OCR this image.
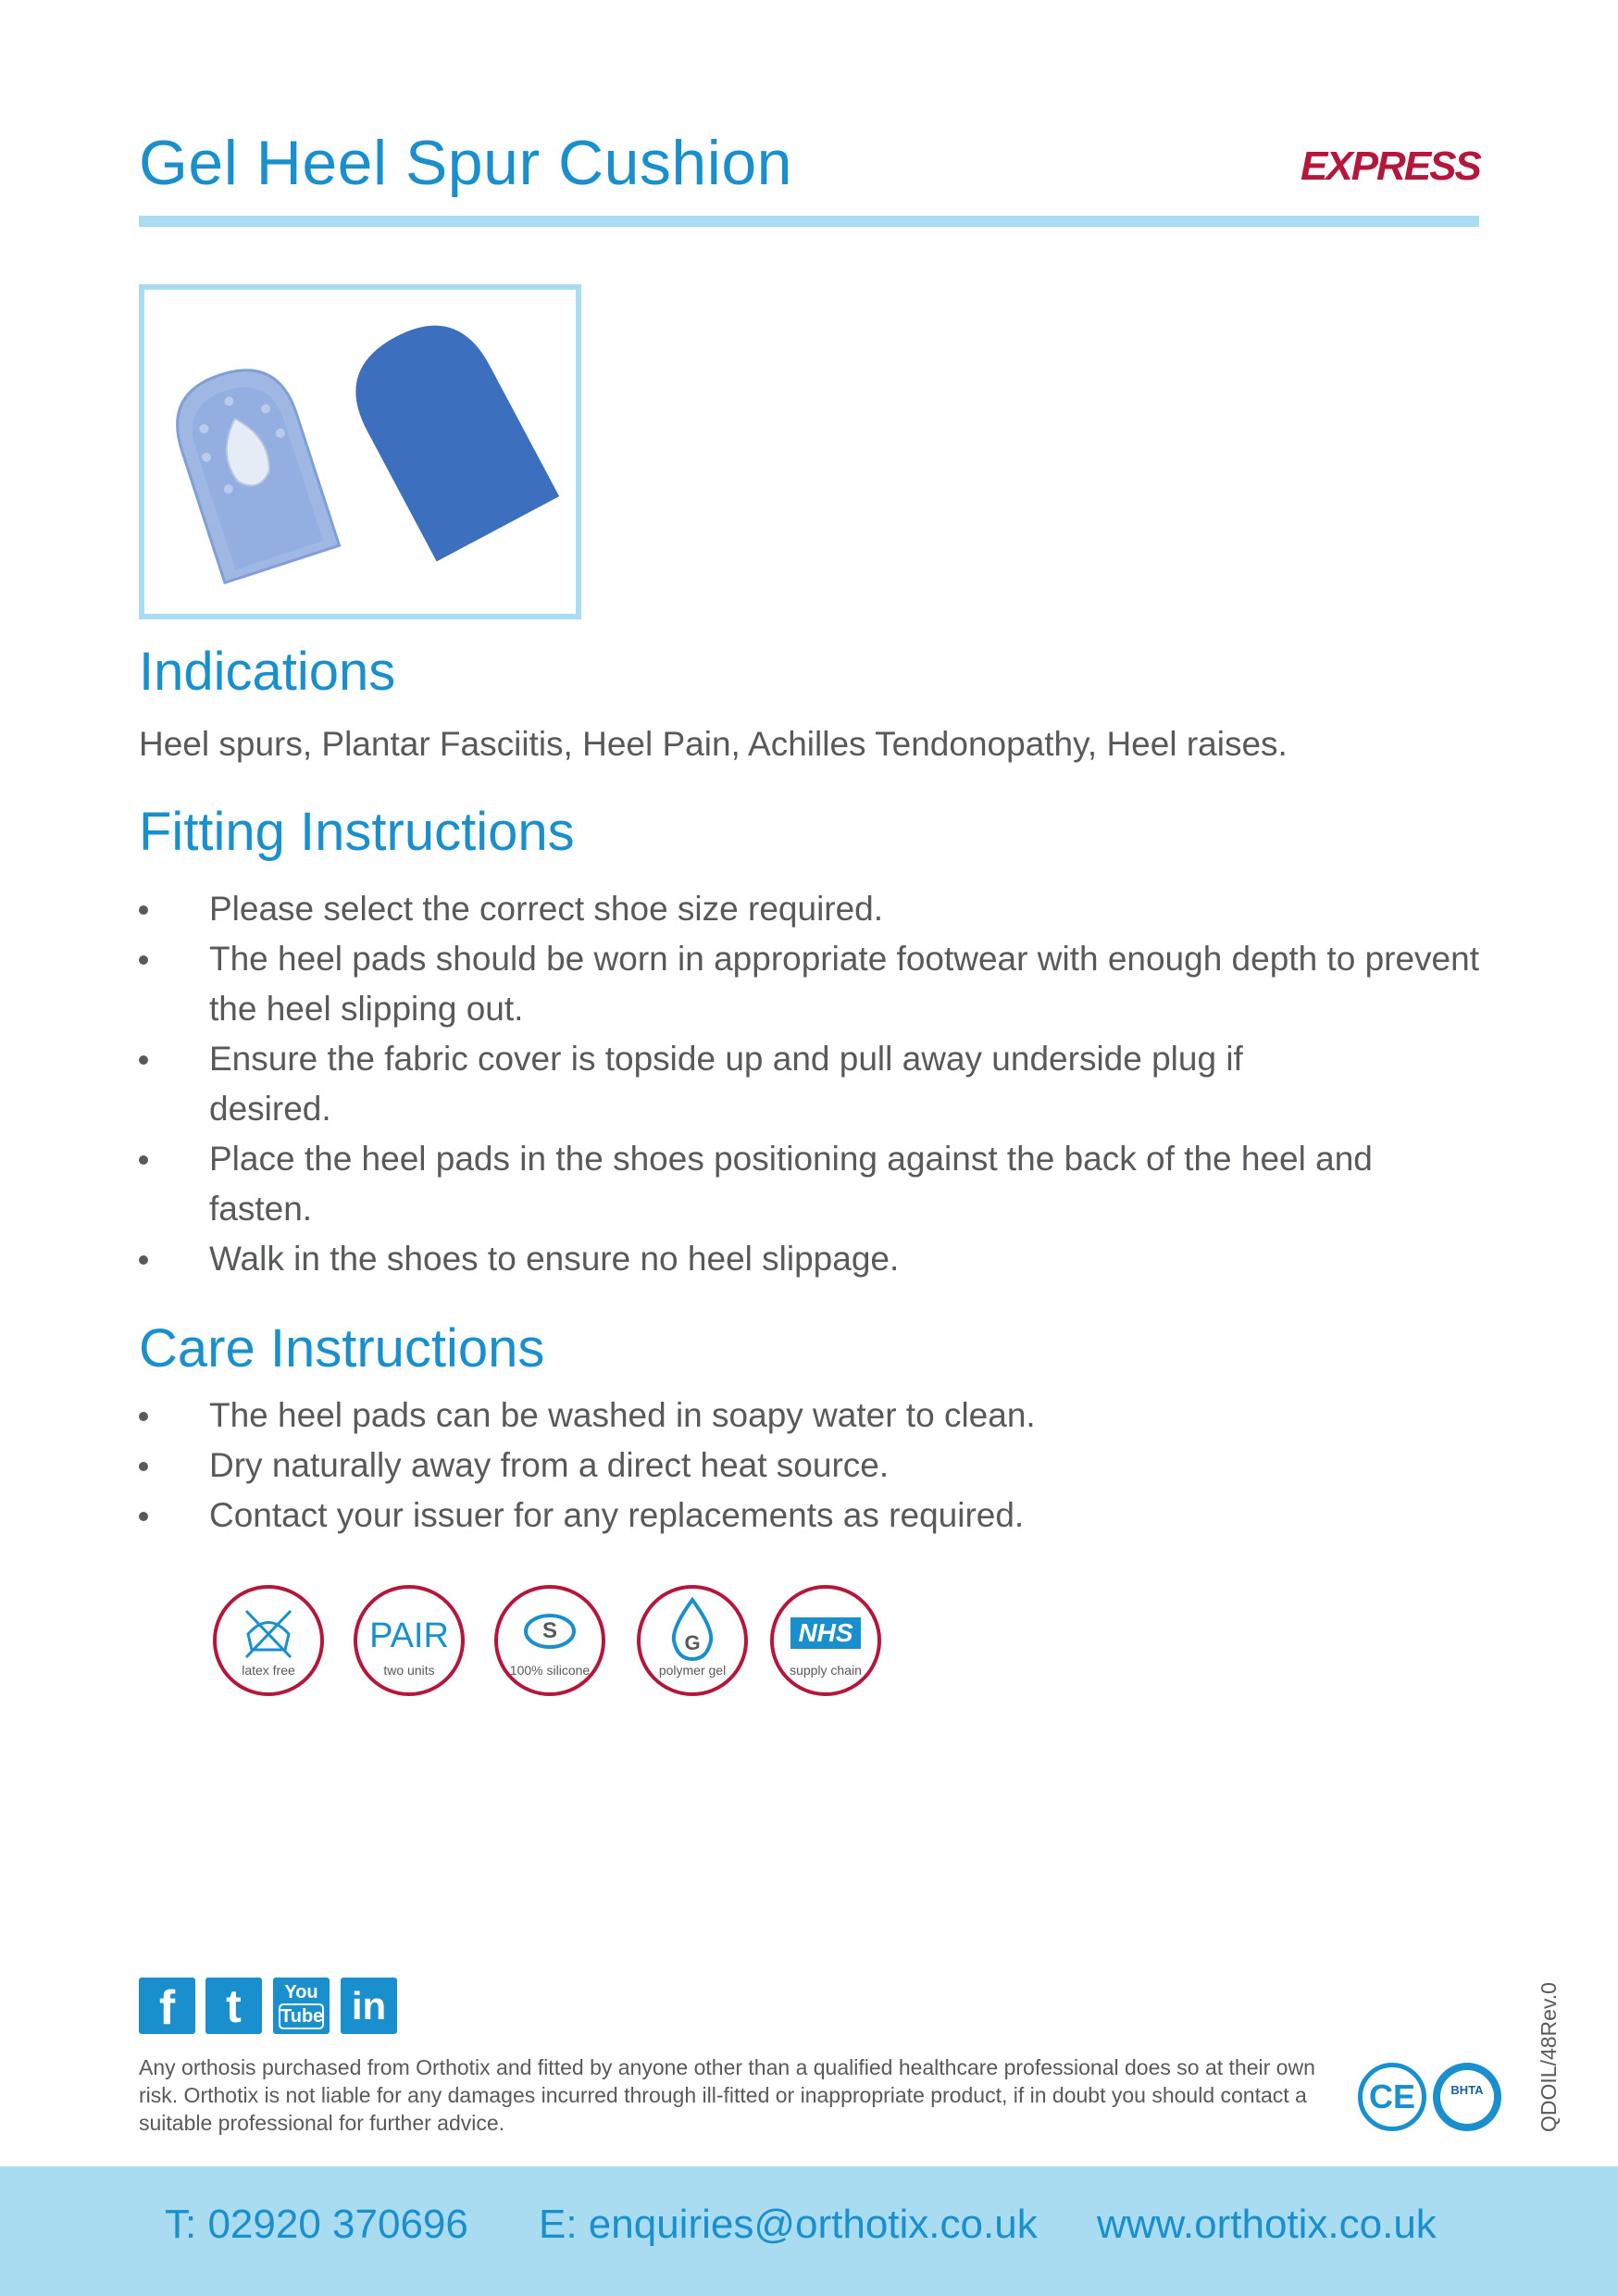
Gel Heel Spur Cushion	EXPRESS
Indications

Heel spurs, Plantar Fasciitis, Heel Pain, Achilles Tendonopathy, Heel raises.

Fitting Instructions
Please select the correct shoe size required.
The heel pads should be worn in appropriate footwear with enough depth to prevent the heel slipping out.
Ensure the fabric cover is topside up and pull away underside plug if desired.
Place the heel pads in the shoes positioning against the back of the heel and fasten.
Walk in the shoes to ensure no heel slippage.
Care Instructions
The heel pads can be washed in soapy water to clean.
Dry naturally away from a direct heat source.
Contact your issuer for any replacements as required.
latex free
PAIR
two units
S
100% silicone
G
polymer gel
NHS
supply chain
f	t	You
Tube in

Any orthosis purchased from Orthotix and fitted by anyone other than a qualified healthcare professional does so at their own risk. Orthotix is not liable for any damages incurred through ill-fitted or inappropriate product, if in doubt you should contact a suitable professional for further advice.

CE	BHTA	QDOIL/48Rev.0
T: 02920 370696 E: enquiries@orthotix.co.uk www.orthotix.co.uk
